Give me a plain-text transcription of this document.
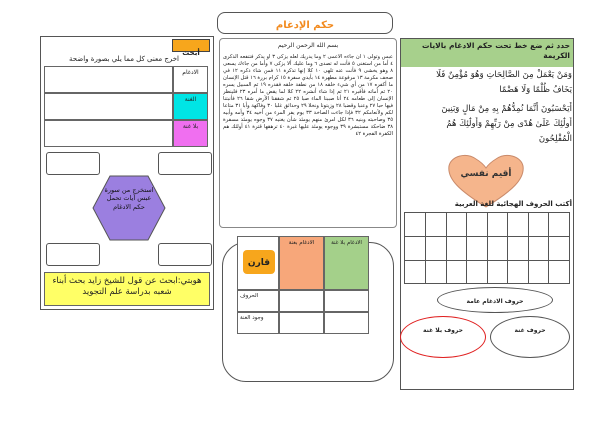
حكم الإدغام
أبحث
اخرج معنى كل مما يلي بصورة واضحة
الادغام
الغنة
بلا غنة
استخرج من سورة عبس آيات تحمل حكم الادغام
هوبتي:ابحث عن قول للشيخ زايد بحث أبناء شعبه بدراسة علم التجويد
بسم الله الرحمن الرحيم
عبس وتولى ١ أن جاءه الأعمى ٢ وما يدريك لعله يزكى ٣ أو يذكر فتنفعه الذكرى ٤ أما من استغنى ٥ فأنت له تصدى ٦ وما عليك ألا يزكى ٧ وأما من جاءك يسعى ٨ وهو يخشى ٩ فأنت عنه تلهى ١٠ كلا إنها تذكرة ١١ فمن شاء ذكره ١٢ في صحف مكرمة ١٣ مرفوعة مطهرة ١٤ بأيدي سفرة ١٥ كرام بررة ١٦ قتل الإنسان ما أكفره ١٧ من أي شيء خلقه ١٨ من نطفة خلقه فقدره ١٩ ثم السبيل يسره ٢٠ ثم أماته فأقبره ٢١ ثم إذا شاء أنشره ٢٢ كلا لما يقض ما أمره ٢٣ فلينظر الإنسان إلى طعامه ٢٤ أنا صببنا الماء صبا ٢٥ ثم شققنا الأرض شقا ٢٦ فأنبتنا فيها حبا ٢٧ وعنبا وقضبا ٢٨ وزيتونا ونخلا ٢٩ وحدائق غلبا ٣٠ وفاكهة وأبا ٣١ متاعا لكم ولأنعامكم ٣٢ فإذا جاءت الصاخة ٣٣ يوم يفر المرء من أخيه ٣٤ وأمه وأبيه ٣٥ وصاحبته وبنيه ٣٦ لكل امرئ منهم يومئذ شأن يغنيه ٣٧ وجوه يومئذ مسفرة ٣٨ ضاحكة مستبشرة ٣٩ ووجوه يومئذ عليها غبرة ٤٠ ترهقها قترة ٤١ أولئك هم الكفرة الفجرة ٤٢
قارن
الادغام بغنة	الادغام بلا غنة
الحروف
وجود الغنة
حدد ثم ضع خط تحت حكم الادغام بالايات الكريمة
وَمَنْ يَعْمَلْ مِنَ الصَّالِحَاتِ وَهُوَ مُؤْمِنٌ فَلَا
يَخَافُ ظُلْمًا وَلَا هَضْمًا
أَيَحْسَبُونَ أَنَّمَا نُمِدُّهُمْ بِهِ مِنْ مَالٍ وَبَنِينَ
أُولَٰئِكَ عَلَىٰ هُدًى مِنْ رَبِّهِمْ وَأُولَٰئِكَ هُمُ
الْمُفْلِحُونَ
أقيم نفسي
أكتب الحروف الهجائية للغة العربية
حروف الادغام عامة
حروف بلا غنة	حروف غنة
